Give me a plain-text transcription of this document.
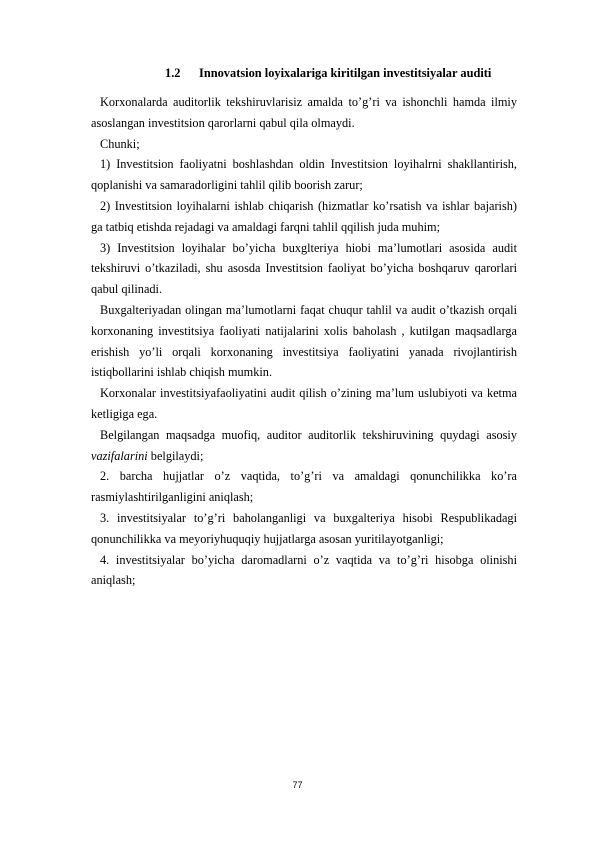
1.2 Innovatsion loyixalariga kiritilgan investitsiyalar auditi

Korxonalarda auditorlik tekshiruvlarisiz amalda to’g’ri va ishonchli hamda ilmiy asoslangan investitsion qarorlarni qabul qila olmaydi.

Chunki;

1) Investitsion faoliyatni boshlashdan oldin Investitsion loyihalrni shakllantirish, qoplanishi va samaradorligini tahlil qilib boorish zarur;

2) Investitsion loyihalarni ishlab chiqarish (hizmatlar ko’rsatish va ishlar bajarish) ga tatbiq etishda rejadagi va amaldagi farqni tahlil qqilish juda muhim;

3) Investitsion loyihalar bo’yicha buxglteriya hiobi ma’lumotlari asosida audit tekshiruvi o’tkaziladi, shu asosda Investitsion faoliyat bo’yicha boshqaruv qarorlari qabul qilinadi.

Buxgalteriyadan olingan ma’lumotlarni faqat chuqur tahlil va audit o’tkazish orqali korxonaning investitsiya faoliyati natijalarini xolis baholash , kutilgan maqsadlarga erishish yo’li orqali korxonaning investitsiya faoliyatini yanada rivojlantirish istiqbollarini ishlab chiqish mumkin.

Korxonalar investitsiyafaoliyatini audit qilish o’zining ma’lum uslubiyoti va ketma ketligiga ega.

Belgilangan maqsadga muofiq, auditor auditorlik tekshiruvining quydagi asosiy vazifalarini belgilaydi;

2. barcha hujjatlar o’z vaqtida, to’g’ri va amaldagi qonunchilikka ko’ra rasmiylashtirilganligini aniqlash;

3. investitsiyalar to’g’ri baholanganligi va buxgalteriya hisobi Respublikadagi qonunchilikka va meyoriyhuquqiy hujjatlarga asosan yuritilayotganligi;

4. investitsiyalar bo’yicha daromadlarni o’z vaqtida va to’g’ri hisobga olinishi aniqlash;

77
